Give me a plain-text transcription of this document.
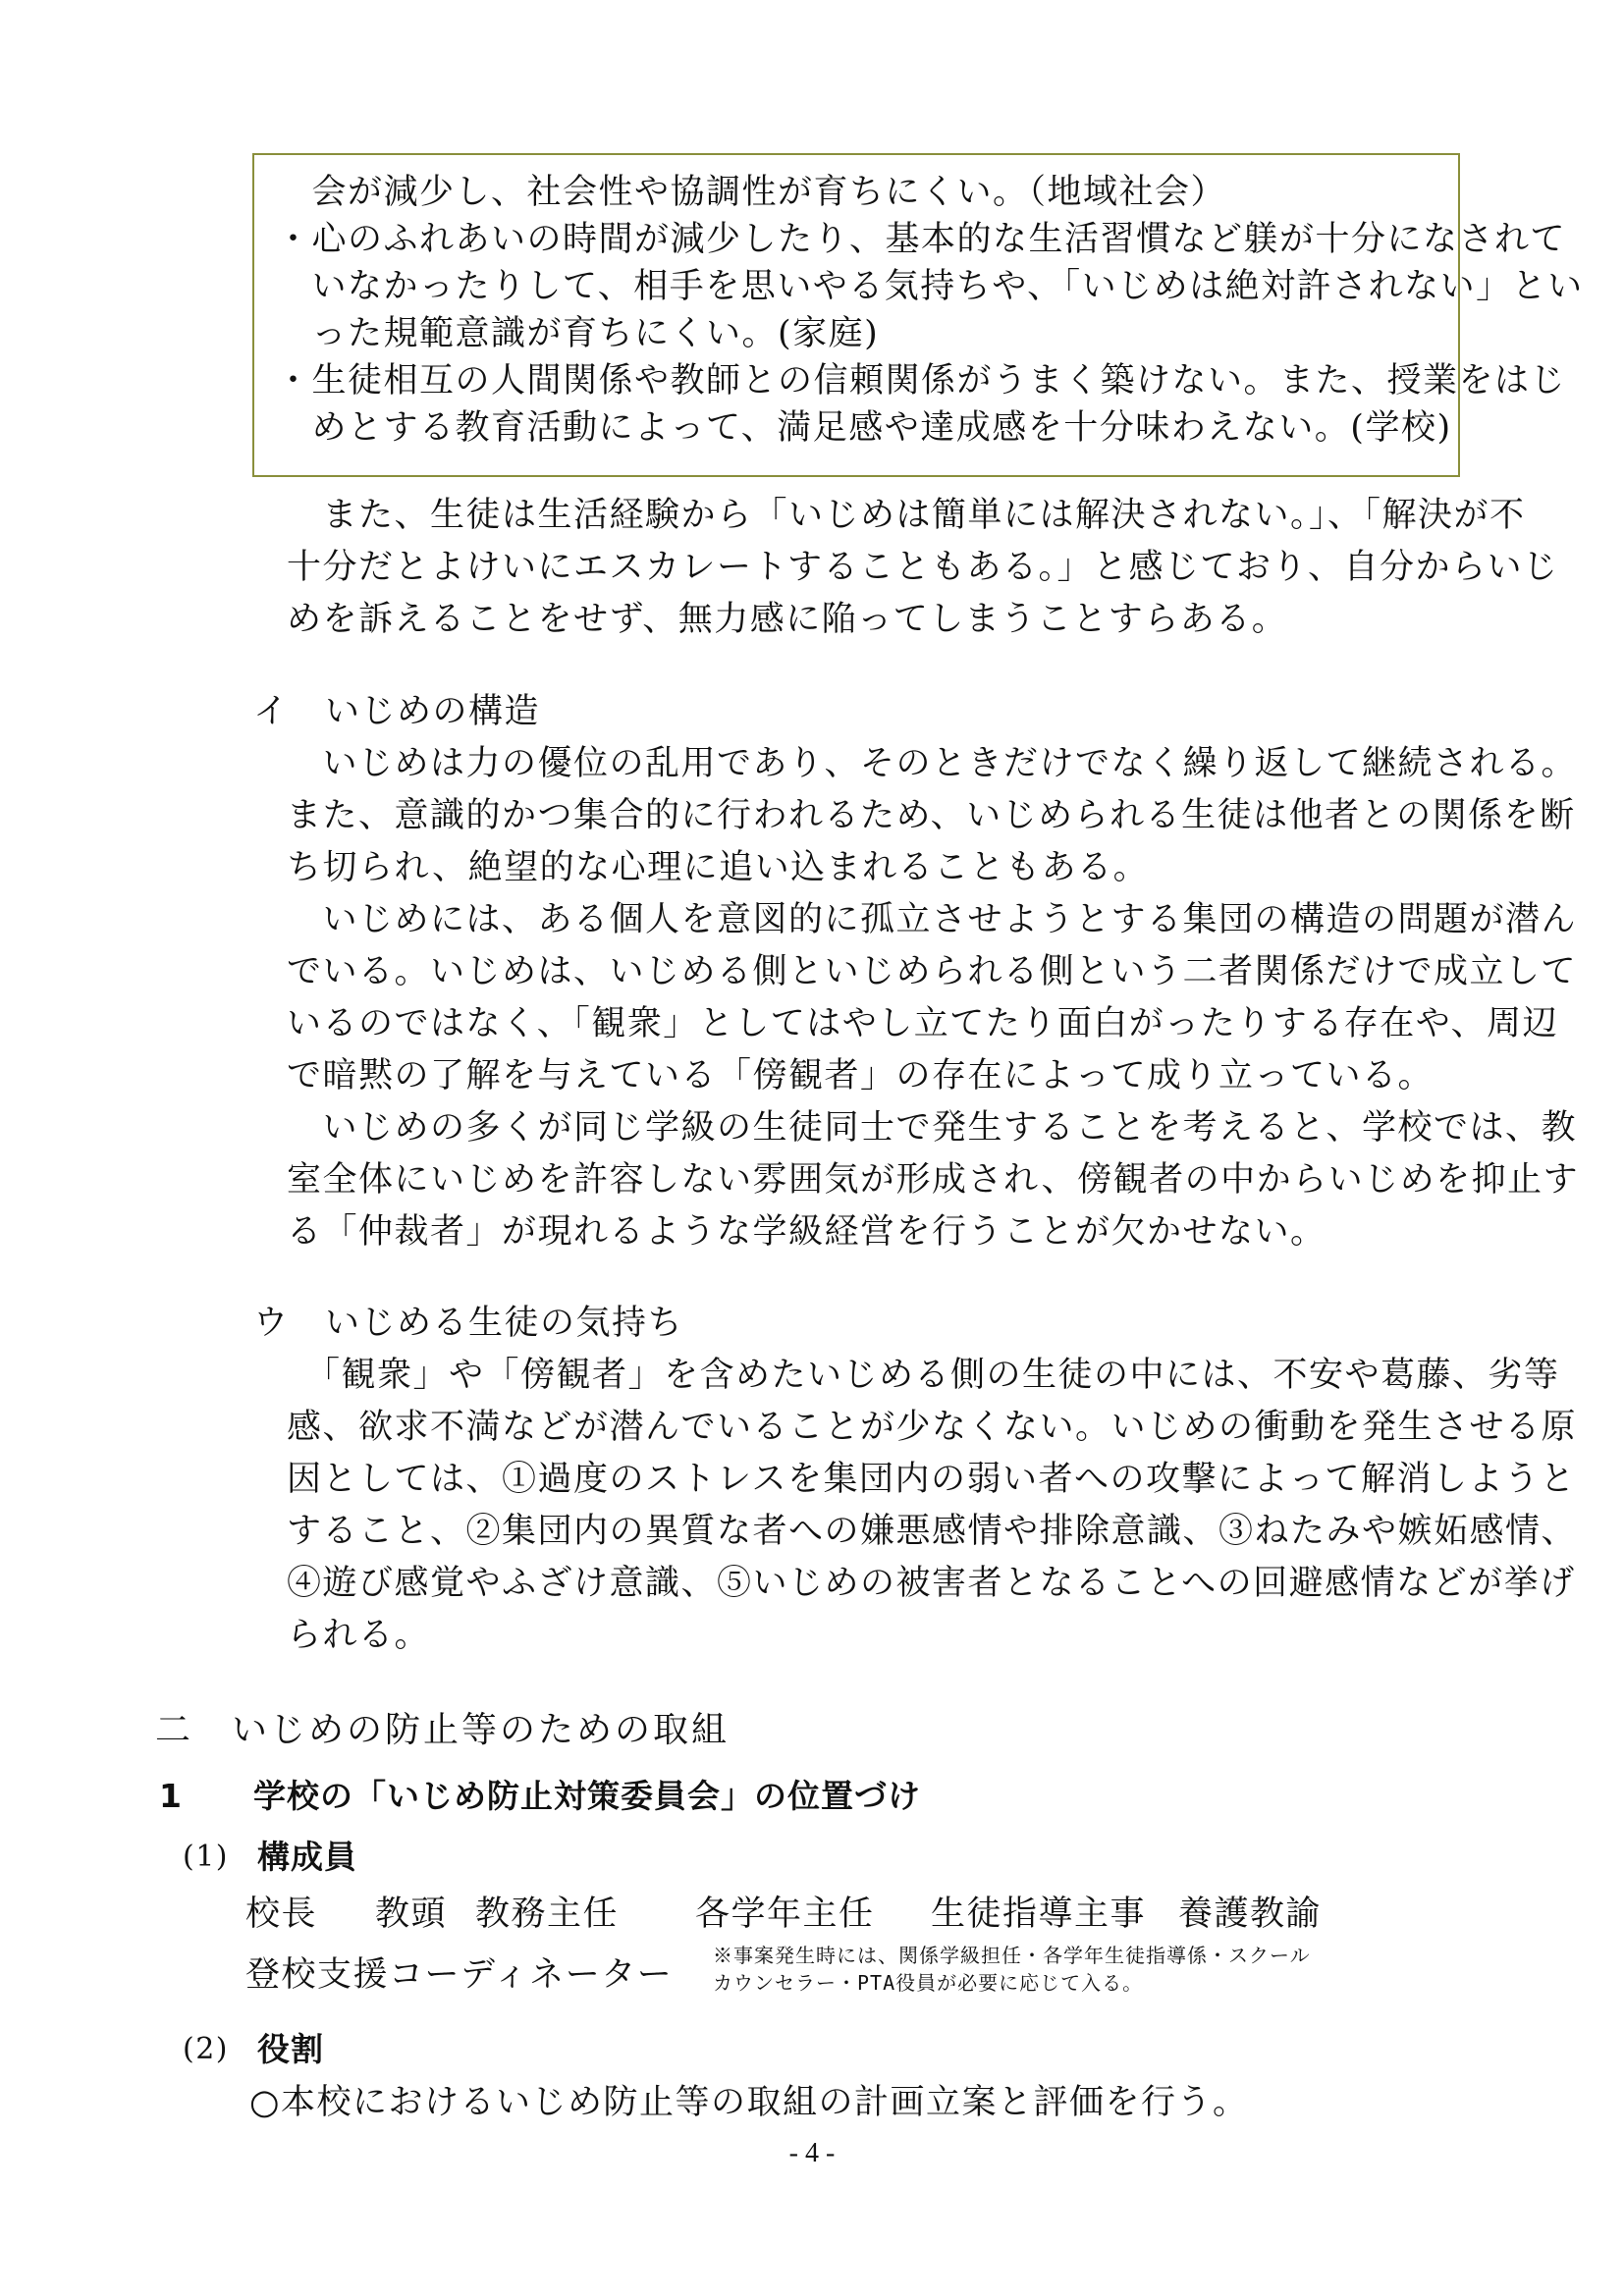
　会が減少し、社会性や協調性が育ちにくい。（地域社会）
・心のふれあいの時間が減少したり、基本的な生活習慣など躾が十分になされて
　いなかったりして、相手を思いやる気持ちや、「いじめは絶対許されない」とい
　った規範意識が育ちにくい。(家庭)
・生徒相互の人間関係や教師との信頼関係がうまく築けない。また、授業をはじ
　めとする教育活動によって、満足感や達成感を十分味わえない。(学校)
　また、生徒は生活経験から「いじめは簡単には解決されない。」、「解決が不
十分だとよけいにエスカレートすることもある。」と感じており、自分からいじ
めを訴えることをせず、無力感に陥ってしまうことすらある。
イ　いじめの構造
　いじめは力の優位の乱用であり、そのときだけでなく繰り返して継続される。
また、意識的かつ集合的に行われるため、いじめられる生徒は他者との関係を断
ち切られ、絶望的な心理に追い込まれることもある。
　いじめには、ある個人を意図的に孤立させようとする集団の構造の問題が潜ん
でいる。いじめは、いじめる側といじめられる側という二者関係だけで成立して
いるのではなく、「観衆」としてはやし立てたり面白がったりする存在や、周辺
で暗黙の了解を与えている「傍観者」の存在によって成り立っている。
　いじめの多くが同じ学級の生徒同士で発生することを考えると、学校では、教
室全体にいじめを許容しない雰囲気が形成され、傍観者の中からいじめを抑止す
る「仲裁者」が現れるような学級経営を行うことが欠かせない。
ウ　いじめる生徒の気持ち
　「観衆」や「傍観者」を含めたいじめる側の生徒の中には、不安や葛藤、劣等
感、欲求不満などが潜んでいることが少なくない。いじめの衝動を発生させる原
因としては、①過度のストレスを集団内の弱い者への攻撃によって解消しようと
すること、②集団内の異質な者への嫌悪感情や排除意識、③ねたみや嫉妬感情、
④遊び感覚やふざけ意識、⑤いじめの被害者となることへの回避感情などが挙げ
られる。
二　いじめの防止等のための取組
1 学校の「いじめ防止対策委員会」の位置づけ
(1) 構成員
校長 教頭 教務主任 各学年主任 生徒指導主事 養護教諭
登校支援コーディネーター ※事案発生時には、関係学級担任・各学年生徒指導係・スクール
カウンセラー・PTA役員が必要に応じて入る。
(2) 役割
○本校におけるいじめ防止等の取組の計画立案と評価を行う。
- 4 -
